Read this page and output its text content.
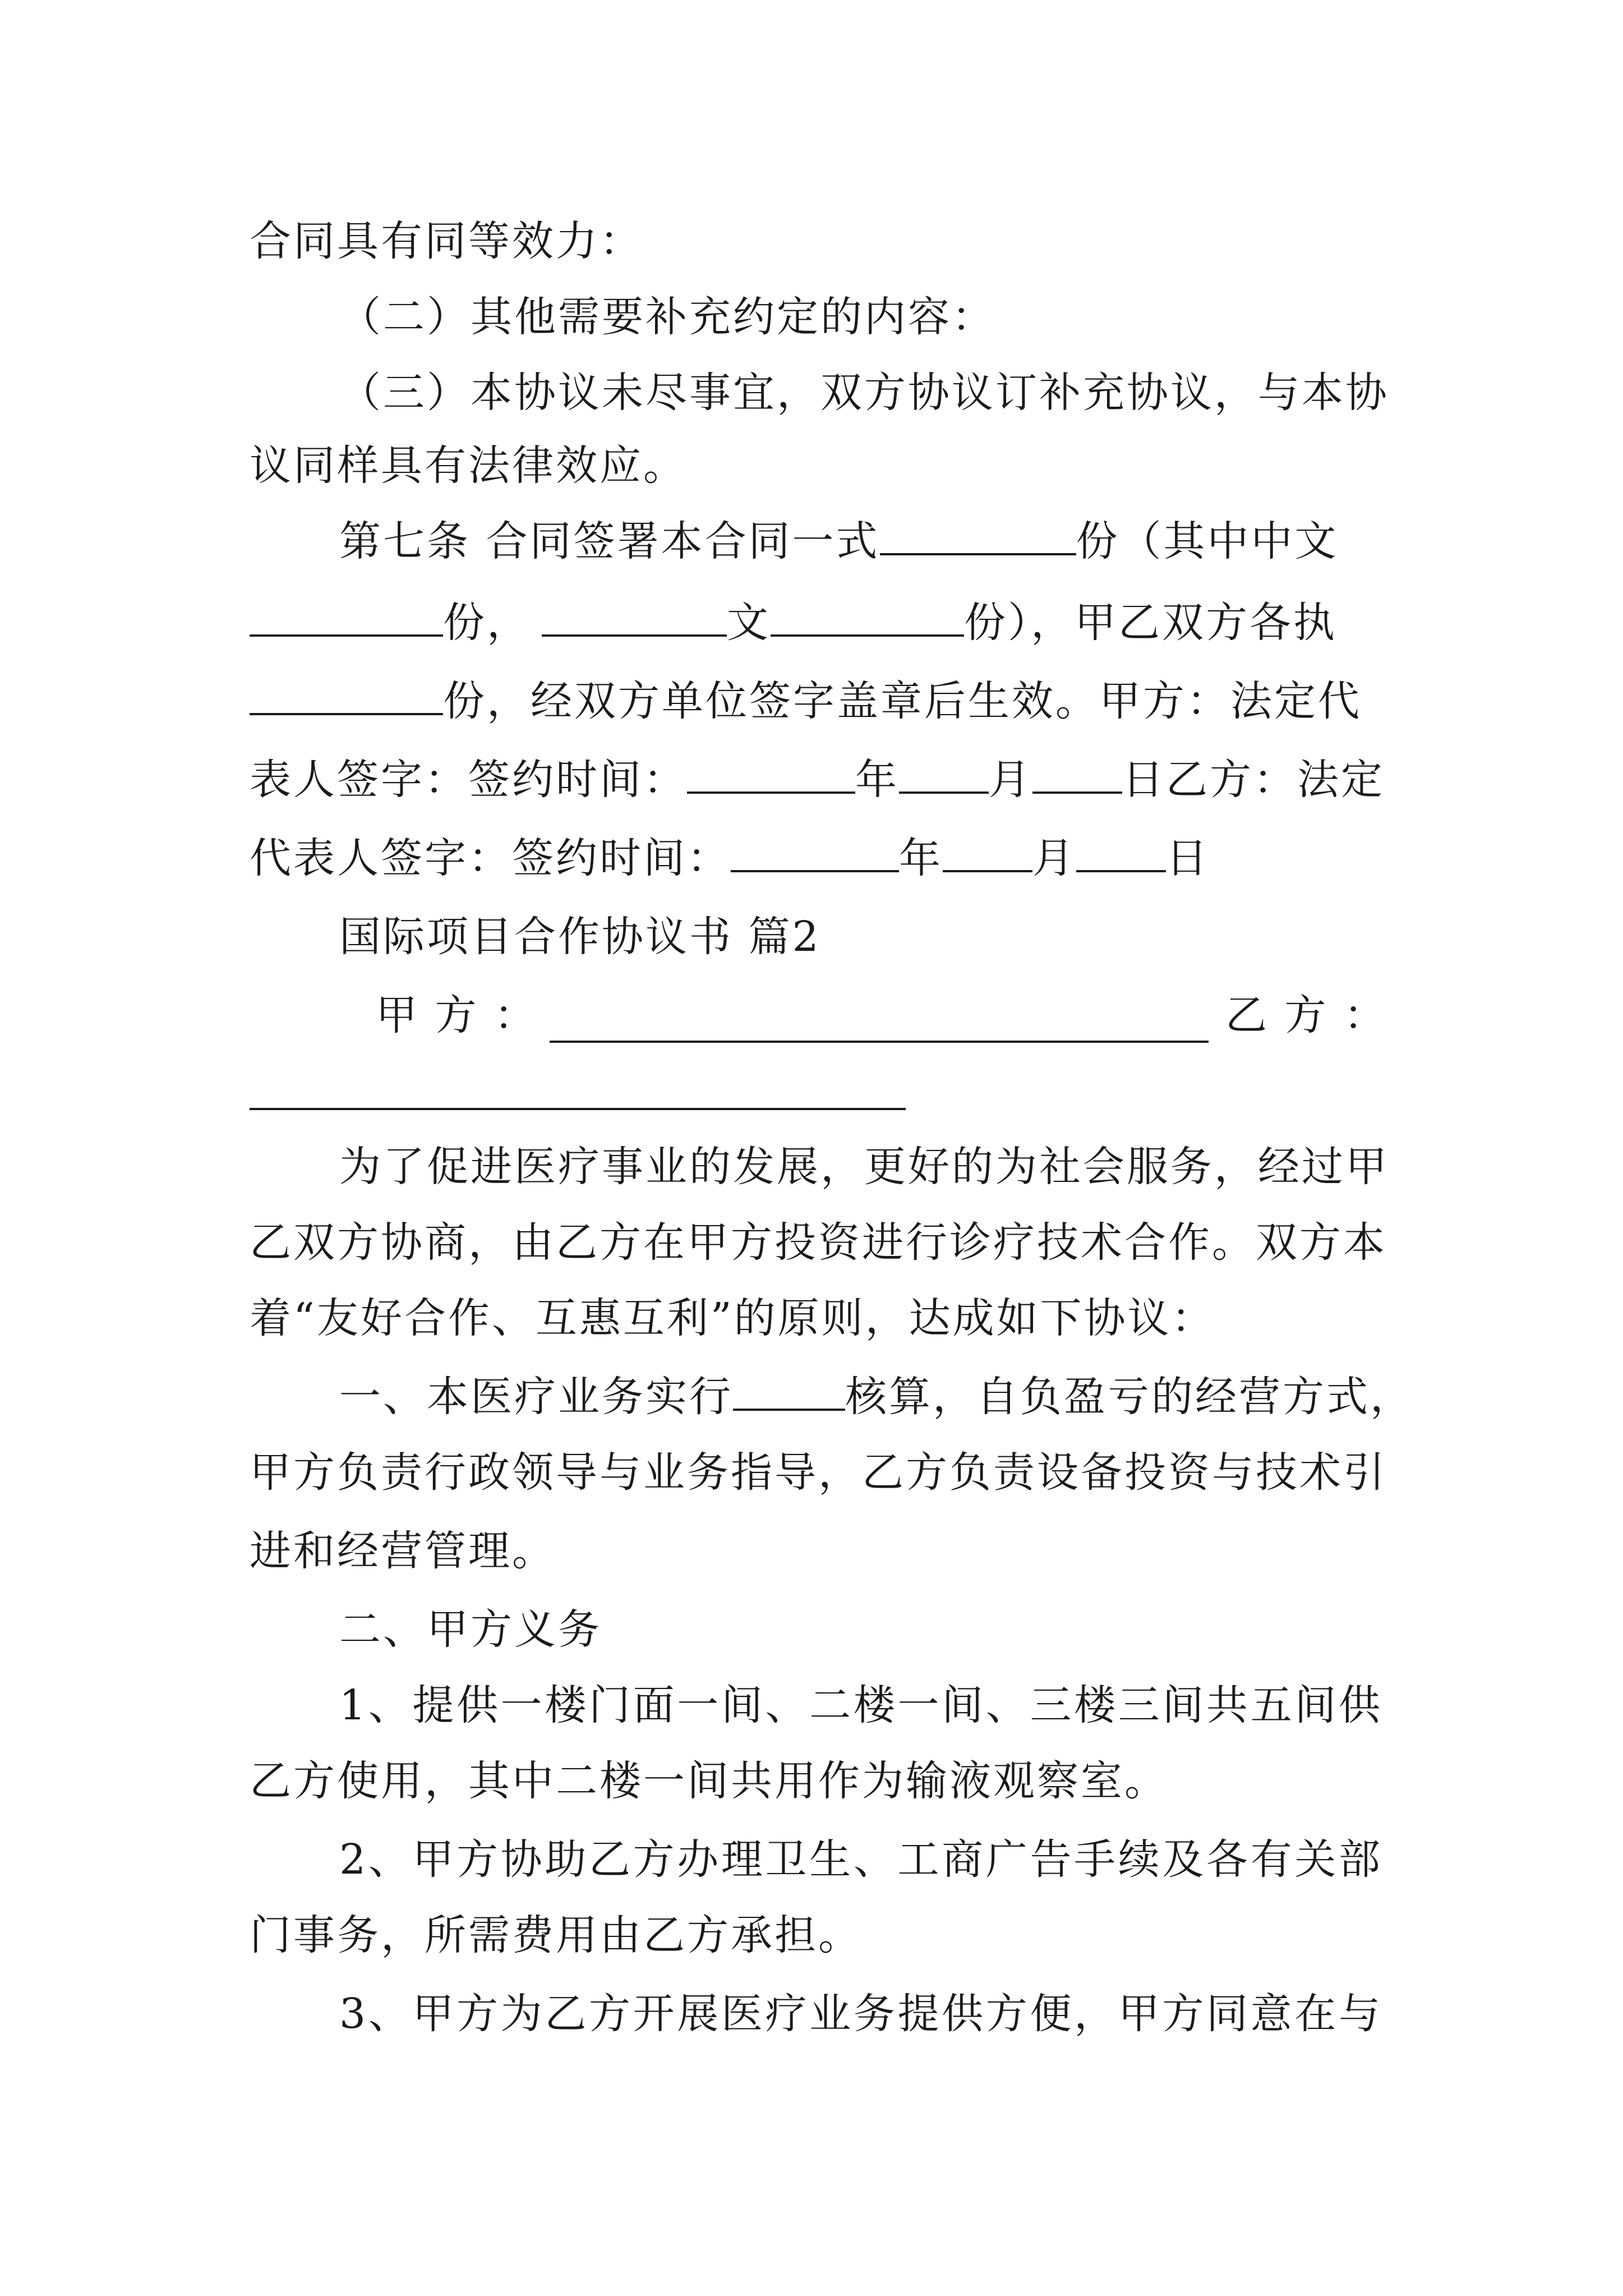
合同具有同等效力：
（二）其他需要补充约定的内容：
（三）本协议未尽事宜，双方协议订补充协议，与本协
议同样具有法律效应。
第七条 合同签署本合同一式	份（其中中文
份，	文	份），甲乙双方各执
份，经双方单位签字盖章后生效。甲方：法定代
表人签字：签约时间：	年 月 日乙方：法定
代表人签字：签约时间：	年 月 日
国际项目合作协议书 篇2
甲 方 ：	乙 方 ：
为了促进医疗事业的发展，更好的为社会服务，经过甲
乙双方协商，由乙方在甲方投资进行诊疗技术合作。双方本
着“友好合作、互惠互利”的原则，达成如下协议：
一、本医疗业务实行	核算，自负盈亏的经营方式，
甲方负责行政领导与业务指导，乙方负责设备投资与技术引
进和经营管理。
二、甲方义务
1、提供一楼门面一间、二楼一间、三楼三间共五间供
乙方使用，其中二楼一间共用作为输液观察室。
2、甲方协助乙方办理卫生、工商广告手续及各有关部
门事务，所需费用由乙方承担。
3、甲方为乙方开展医疗业务提供方便，甲方同意在与
